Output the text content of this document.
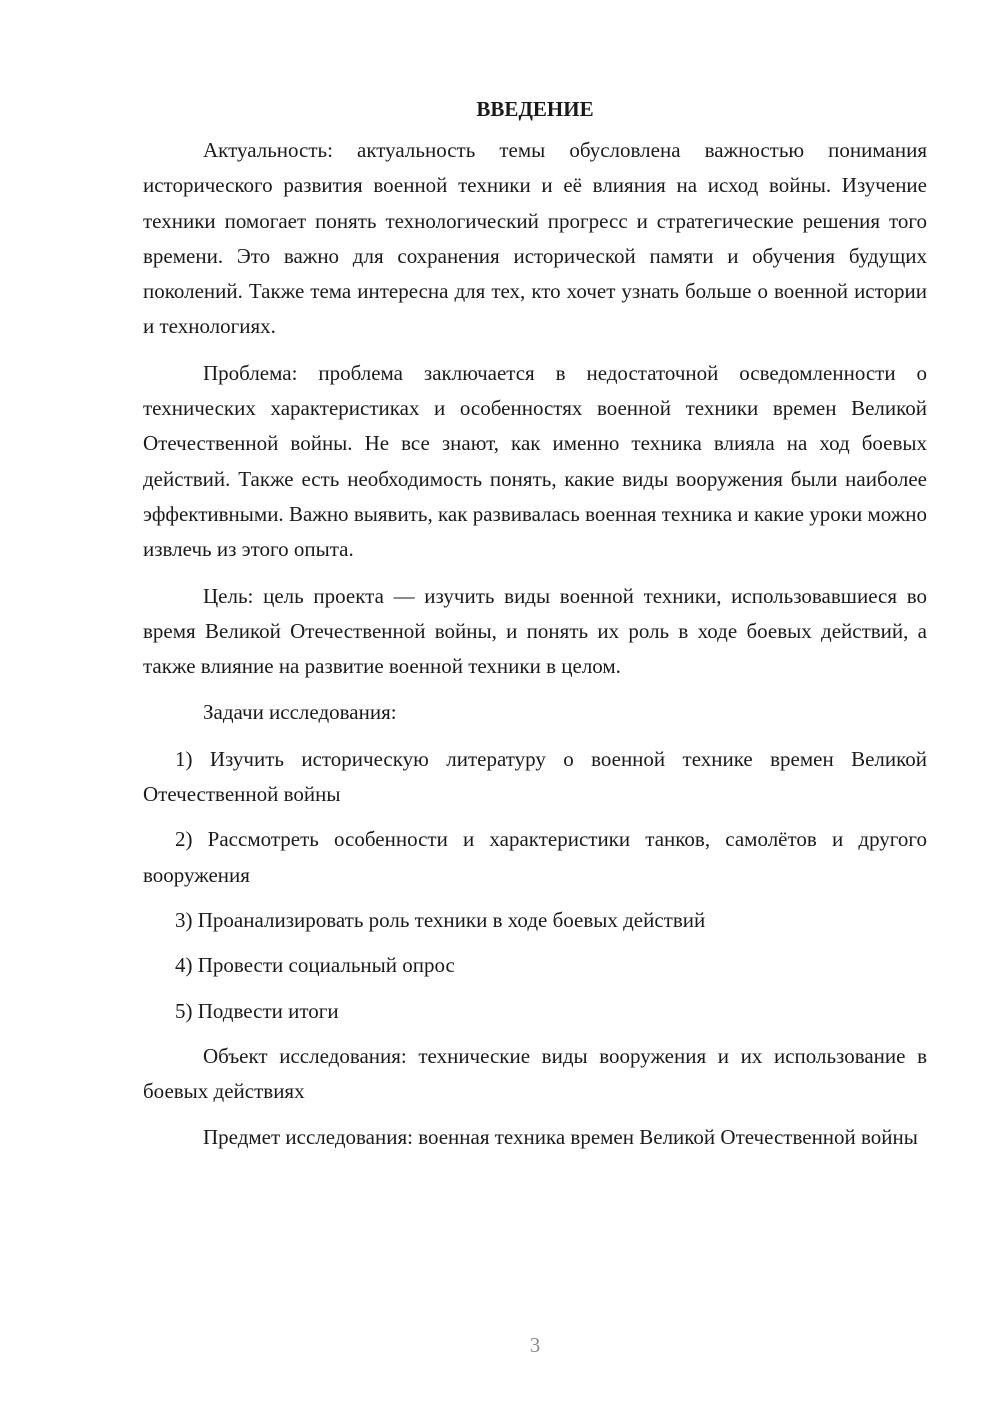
ВВЕДЕНИЕ

Актуальность: актуальность темы обусловлена важностью понимания исторического развития военной техники и её влияния на исход войны. Изучение техники помогает понять технологический прогресс и стратегические решения того времени. Это важно для сохранения исторической памяти и обучения будущих поколений. Также тема интересна для тех, кто хочет узнать больше о военной истории и технологиях.

Проблема: проблема заключается в недостаточной осведомленности о технических характеристиках и особенностях военной техники времен Великой Отечественной войны. Не все знают, как именно техника влияла на ход боевых действий. Также есть необходимость понять, какие виды вооружения были наиболее эффективными. Важно выявить, как развивалась военная техника и какие уроки можно извлечь из этого опыта.

Цель: цель проекта — изучить виды военной техники, использовавшиеся во время Великой Отечественной войны, и понять их роль в ходе боевых действий, а также влияние на развитие военной техники в целом.

Задачи исследования:

1) Изучить историческую литературу о военной технике времен Великой Отечественной войны

2) Рассмотреть особенности и характеристики танков, самолётов и другого вооружения

3) Проанализировать роль техники в ходе боевых действий

4) Провести социальный опрос

5) Подвести итоги

Объект исследования: технические виды вооружения и их использование в боевых действиях

Предмет исследования: военная техника времен Великой Отечественной войны

3
